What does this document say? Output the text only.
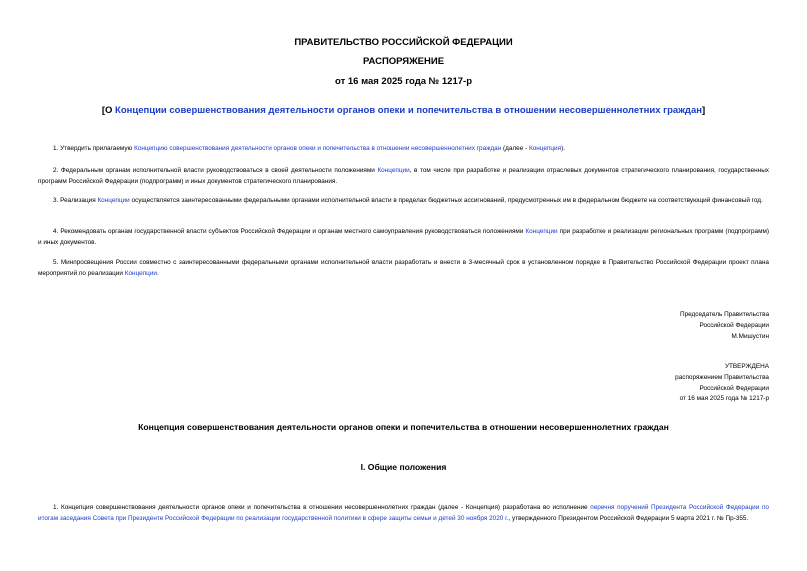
ПРАВИТЕЛЬСТВО РОССИЙСКОЙ ФЕДЕРАЦИИ
РАСПОРЯЖЕНИЕ
от 16 мая 2025 года № 1217-р
[О Концепции совершенствования деятельности органов опеки и попечительства в отношении несовершеннолетних граждан]
1. Утвердить прилагаемую Концепцию совершенствования деятельности органов опеки и попечительства в отношении несовершеннолетних граждан (далее - Концепция).
2. Федеральным органам исполнительной власти руководствоваться в своей деятельности положениями Концепции, в том числе при разработке и реализации отраслевых документов стратегического планирования, государственных программ Российской Федерации (подпрограмм) и иных документов стратегического планирования.
3. Реализация Концепции осуществляется заинтересованными федеральными органами исполнительной власти в пределах бюджетных ассигнований, предусмотренных им в федеральном бюджете на соответствующий финансовый год.
4. Рекомендовать органам государственной власти субъектов Российской Федерации и органам местного самоуправления руководствоваться положениями Концепции при разработке и реализации региональных программ (подпрограмм) и иных документов.
5. Минпросвещения России совместно с заинтересованными федеральными органами исполнительной власти разработать и внести в 3-месячный срок в установленном порядке в Правительство Российской Федерации проект плана мероприятий по реализации Концепции.
Председатель Правительства
Российской Федерации
М.Мишустин
УТВЕРЖДЕНА
распоряжением Правительства
Российской Федерации
от 16 мая 2025 года № 1217-р
Концепция совершенствования деятельности органов опеки и попечительства в отношении несовершеннолетних граждан
I. Общие положения
1. Концепция совершенствования деятельности органов опеки и попечительства в отношении несовершеннолетних граждан (далее - Концепция) разработана во исполнение перечня поручений Президента Российской Федерации по итогам заседания Совета при Президенте Российской Федерации по реализации государственной политики в сфере защиты семьи и детей 30 ноября 2020 г., утвержденного Президентом Российской Федерации 5 марта 2021 г. № Пр-355.
